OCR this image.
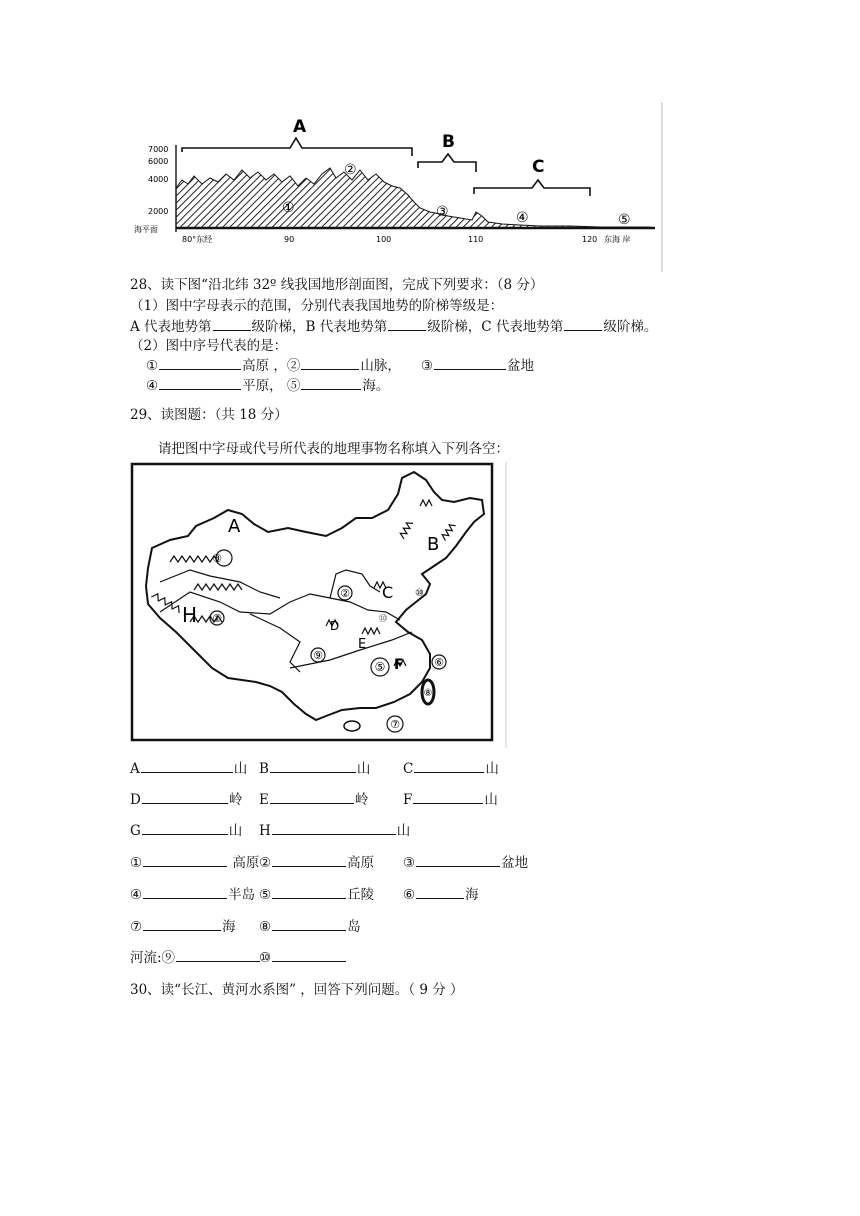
A
B
C
②
①	③	④	⑤
7000
6000
4000
2000
海平面
80°东经	90	100	110	120 东海 岸
28、读下图“沿北纬 32º 线我国地形剖面图，完成下列要求：（8 分）
（1）图中字母表示的范围，分别代表我国地势的阶梯等级是：
A 代表地势第	级阶梯，B 代表地势第	级阶梯，C 代表地势第	级阶梯。
（2）图中序号代表的是：
①	高原 ，②	山脉， ③	盆地
④	平原， ⑤	海。
29、读图题：（共 18 分）
请把图中字母或代号所代表的地理事物名称填入下列各空：
A
B
C
D
E
F
H
③
①
②
⑨
⑤	⑥
⑧
⑦
⑩
⑩
A	山 B	山 C	山
D	岭 E	岭	F	山
G	山 H	山
①	高原 ②	高原 ③	盆地
④	半岛 ⑤	丘陵 ⑥	海
⑦	海 ⑧	岛
河流:⑨	⑩
30、读“长江、黄河水系图” ，回答下列问题。（ 9 分 ）
